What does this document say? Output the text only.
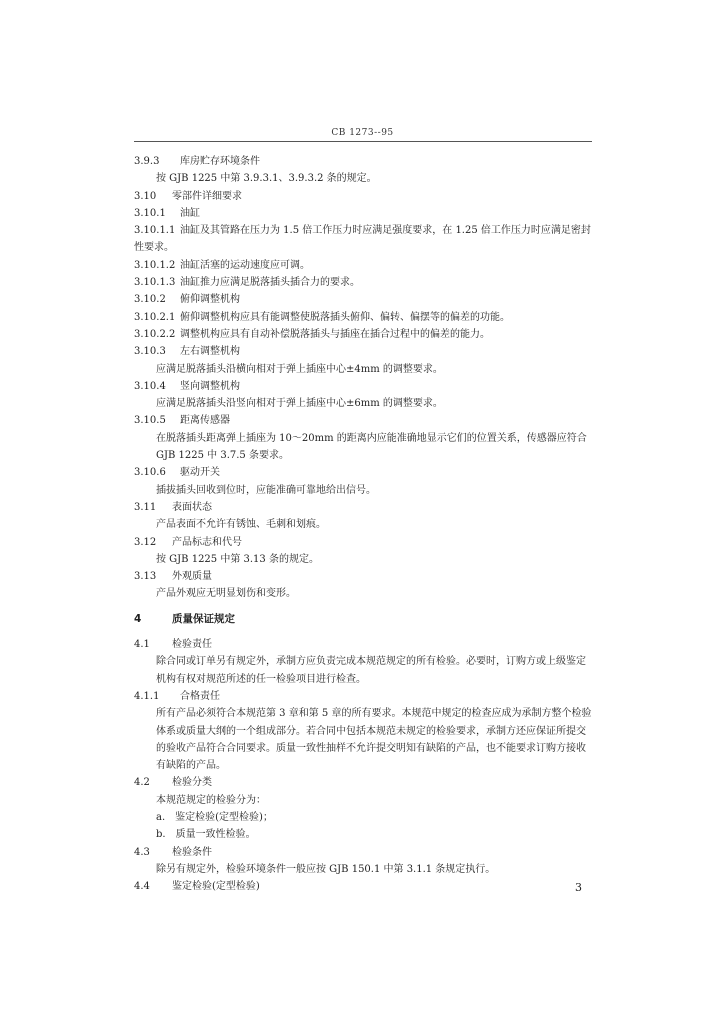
CB 1273--95
3.9.3 库房贮存环境条件
按 GJB 1225 中第 3.9.3.1、3.9.3.2 条的规定。
3.10 零部件详细要求
3.10.1 油缸
3.10.1.1 油缸及其管路在压力为 1.5 倍工作压力时应满足强度要求，在 1.25 倍工作压力时应满足密封性要求。
3.10.1.2 油缸活塞的运动速度应可调。
3.10.1.3 油缸推力应满足脱落插头插合力的要求。
3.10.2 俯仰调整机构
3.10.2.1 俯仰调整机构应具有能调整使脱落插头俯仰、偏转、偏摆等的偏差的功能。
3.10.2.2 调整机构应具有自动补偿脱落插头与插座在插合过程中的偏差的能力。
3.10.3 左右调整机构
应满足脱落插头沿横向相对于弹上插座中心±4mm 的调整要求。
3.10.4 竖向调整机构
应满足脱落插头沿竖向相对于弹上插座中心±6mm 的调整要求。
3.10.5 距离传感器
在脱落插头距离弹上插座为 10～20mm 的距离内应能准确地显示它们的位置关系，传感器应符合 GJB 1225 中 3.7.5 条要求。
3.10.6 驱动开关
插拔插头回收到位时，应能准确可靠地给出信号。
3.11 表面状态
产品表面不允许有锈蚀、毛刺和划痕。
3.12 产品标志和代号
按 GJB 1225 中第 3.13 条的规定。
3.13 外观质量
产品外观应无明显划伤和变形。
4	质量保证规定
4.1 检验责任
除合同或订单另有规定外，承制方应负责完成本规范规定的所有检验。必要时，订购方或上级鉴定机构有权对规范所述的任一检验项目进行检查。
4.1.1 合格责任
所有产品必须符合本规范第 3 章和第 5 章的所有要求。本规范中规定的检查应成为承制方整个检验体系或质量大纲的一个组成部分。若合同中包括本规范未规定的检验要求，承制方还应保证所提交的验收产品符合合同要求。质量一致性抽样不允许提交明知有缺陷的产品，也不能要求订购方接收有缺陷的产品。
4.2 检验分类
本规范规定的检验分为：
a.　鉴定检验(定型检验)；
b.　质量一致性检验。
4.3 检验条件
除另有规定外，检验环境条件一般应按 GJB 150.1 中第 3.1.1 条规定执行。
4.4 鉴定检验(定型检验)	3
